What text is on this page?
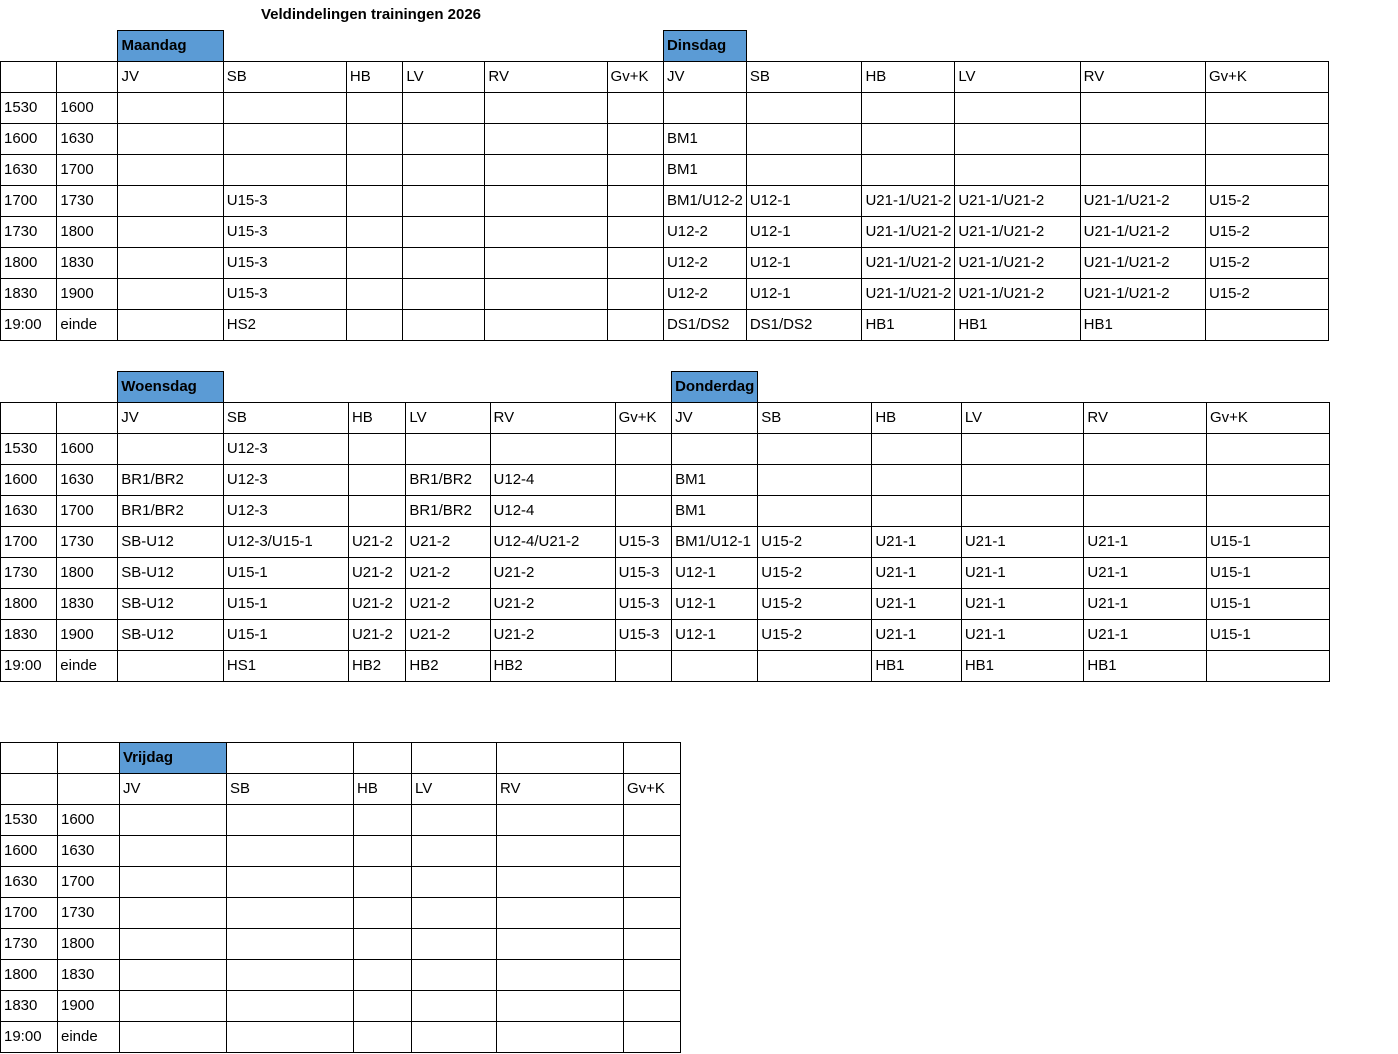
		Veldindelingen trainingen 2026								
		Maandag						Dinsdag						
		JV	SB	HB	LV	RV	Gv+K	JV	SB	HB	LV	RV	Gv+K	
1530	1600													
1600	1630							BM1						
1630	1700							BM1						
1700	1730		U15-3					BM1/U12-2	U12-1	U21-1/U21-2	U21-1/U21-2	U21-1/U21-2	U15-2	
1730	1800		U15-3					U12-2	U12-1	U21-1/U21-2	U21-1/U21-2	U21-1/U21-2	U15-2	
1800	1830		U15-3					U12-2	U12-1	U21-1/U21-2	U21-1/U21-2	U21-1/U21-2	U15-2	
1830	1900		U15-3					U12-2	U12-1	U21-1/U21-2	U21-1/U21-2	U21-1/U21-2	U15-2	
19:00	einde		HS2					DS1/DS2	DS1/DS2	HB1	HB1	HB1		

		Woensdag						Donderdag						
		JV	SB	HB	LV	RV	Gv+K	JV	SB	HB	LV	RV	Gv+K	
1530	1600		U12-3											
1600	1630	BR1/BR2	U12-3		BR1/BR2	U12-4		BM1						
1630	1700	BR1/BR2	U12-3		BR1/BR2	U12-4		BM1						
1700	1730	SB-U12	U12-3/U15-1	U21-2	U21-2	U12-4/U21-2	U15-3	BM1/U12-1	U15-2	U21-1	U21-1	U21-1	U15-1	
1730	1800	SB-U12	U15-1	U21-2	U21-2	U21-2	U15-3	U12-1	U15-2	U21-1	U21-1	U21-1	U15-1	
1800	1830	SB-U12	U15-1	U21-2	U21-2	U21-2	U15-3	U12-1	U15-2	U21-1	U21-1	U21-1	U15-1	
1830	1900	SB-U12	U15-1	U21-2	U21-2	U21-2	U15-3	U12-1	U15-2	U21-1	U21-1	U21-1	U15-1	
19:00	einde		HS1	HB2	HB2	HB2				HB1	HB1	HB1		

		Vrijdag					
		JV	SB	HB	LV	RV	Gv+K
1530	1600						
1600	1630						
1630	1700						
1700	1730						
1730	1800						
1800	1830						
1830	1900						
19:00	einde						
